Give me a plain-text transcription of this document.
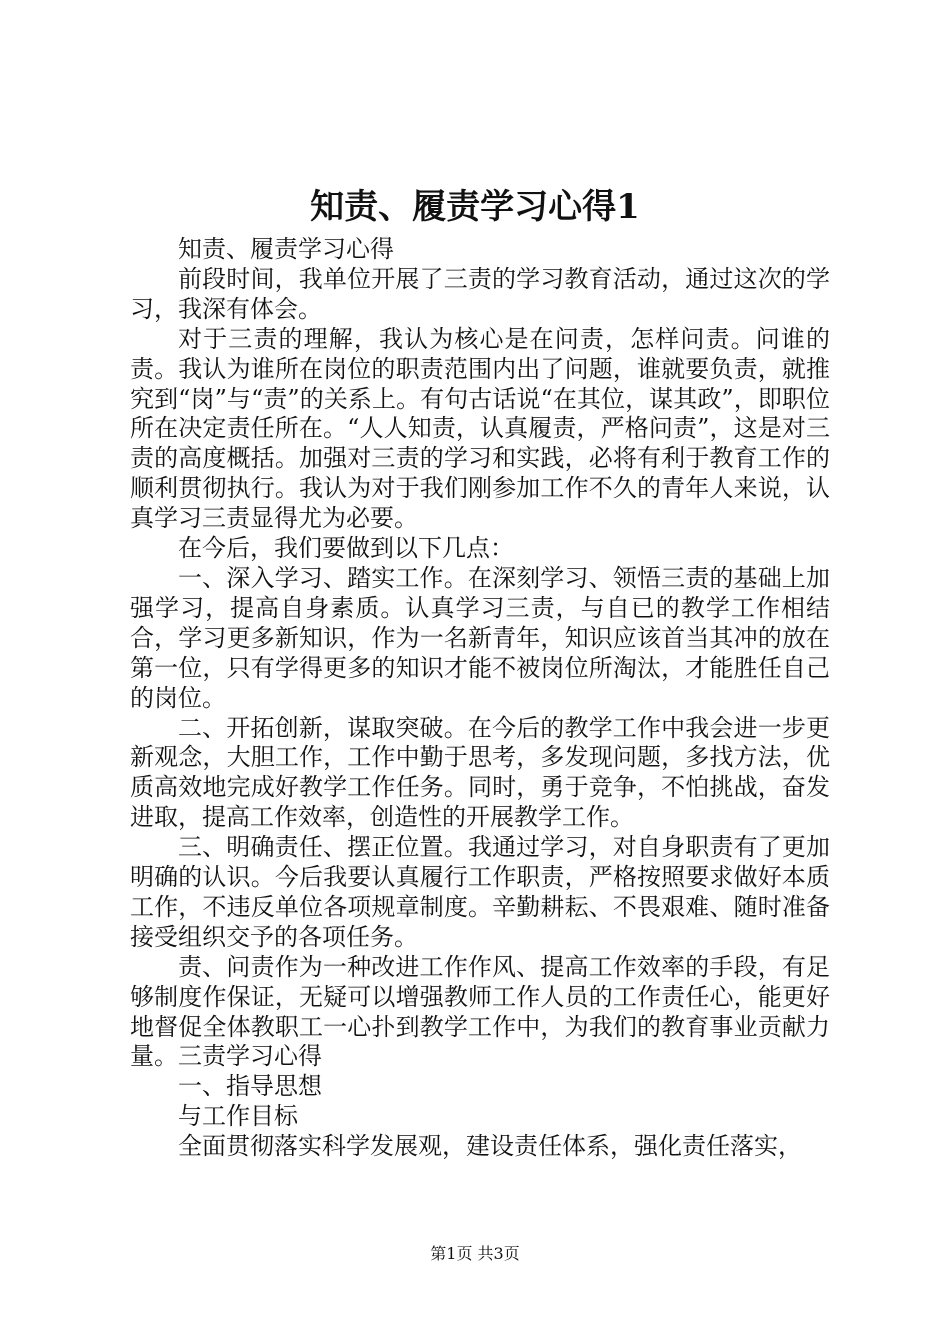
知责、履责学习心得1

知责、履责学习心得

前段时间，我单位开展了三责的学习教育活动，通过这次的学习，我深有体会。

对于三责的理解，我认为核心是在问责，怎样问责。问谁的责。我认为谁所在岗位的职责范围内出了问题，谁就要负责，就推究到“岗”与“责”的关系上。有句古话说“在其位，谋其政”，即职位所在决定责任所在。“人人知责，认真履责，严格问责”，这是对三责的高度概括。加强对三责的学习和实践，必将有利于教育工作的顺利贯彻执行。我认为对于我们刚参加工作不久的青年人来说，认真学习三责显得尤为必要。

在今后，我们要做到以下几点：

一、深入学习、踏实工作。在深刻学习、领悟三责的基础上加强学习，提高自身素质。认真学习三责，与自已的教学工作相结合，学习更多新知识，作为一名新青年，知识应该首当其冲的放在第一位，只有学得更多的知识才能不被岗位所淘汰，才能胜任自己的岗位。

二、开拓创新，谋取突破。在今后的教学工作中我会进一步更新观念，大胆工作，工作中勤于思考，多发现问题，多找方法，优质高效地完成好教学工作任务。同时，勇于竞争，不怕挑战，奋发进取，提高工作效率，创造性的开展教学工作。

三、明确责任、摆正位置。我通过学习，对自身职责有了更加明确的认识。今后我要认真履行工作职责，严格按照要求做好本质工作，不违反单位各项规章制度。辛勤耕耘、不畏艰难、随时准备接受组织交予的各项任务。

责、问责作为一种改进工作作风、提高工作效率的手段，有足够制度作保证，无疑可以增强教师工作人员的工作责任心，能更好地督促全体教职工一心扑到教学工作中，为我们的教育事业贡献力量。三责学习心得

一、指导思想

与工作目标

全面贯彻落实科学发展观，建设责任体系，强化责任落实，

第1页 共3页
